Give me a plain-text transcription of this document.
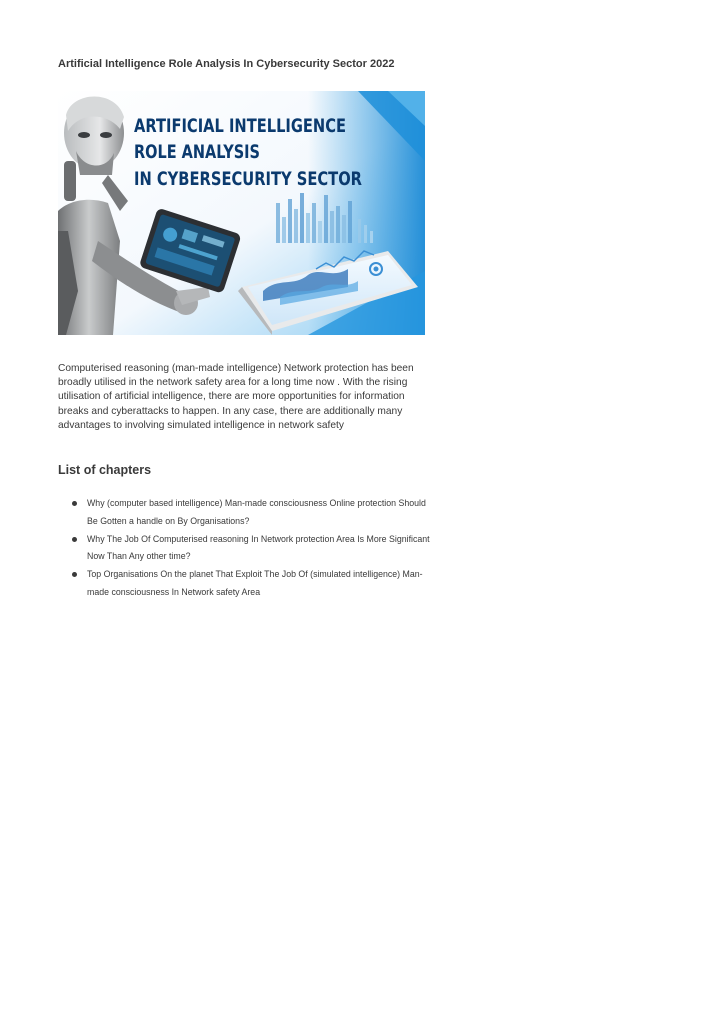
Artificial Intelligence Role Analysis In Cybersecurity Sector 2022
ARTIFICIAL INTELLIGENCE
ROLE ANALYSIS
IN CYBERSECURITY SECTOR
Computerised reasoning (man-made intelligence) Network protection has been broadly utilised in the network safety area for a long time now . With the rising utilisation of artificial intelligence, there are more opportunities for information breaks and cyberattacks to happen. In any case, there are additionally many advantages to involving simulated intelligence in network safety
List of chapters
Why (computer based intelligence) Man-made consciousness Online protection Should Be Gotten a handle on By Organisations?
Why The Job Of Computerised reasoning In Network protection Area Is More Significant Now Than Any other time?
Top Organisations On the planet That Exploit The Job Of (simulated intelligence) Man-made consciousness In Network safety Area
